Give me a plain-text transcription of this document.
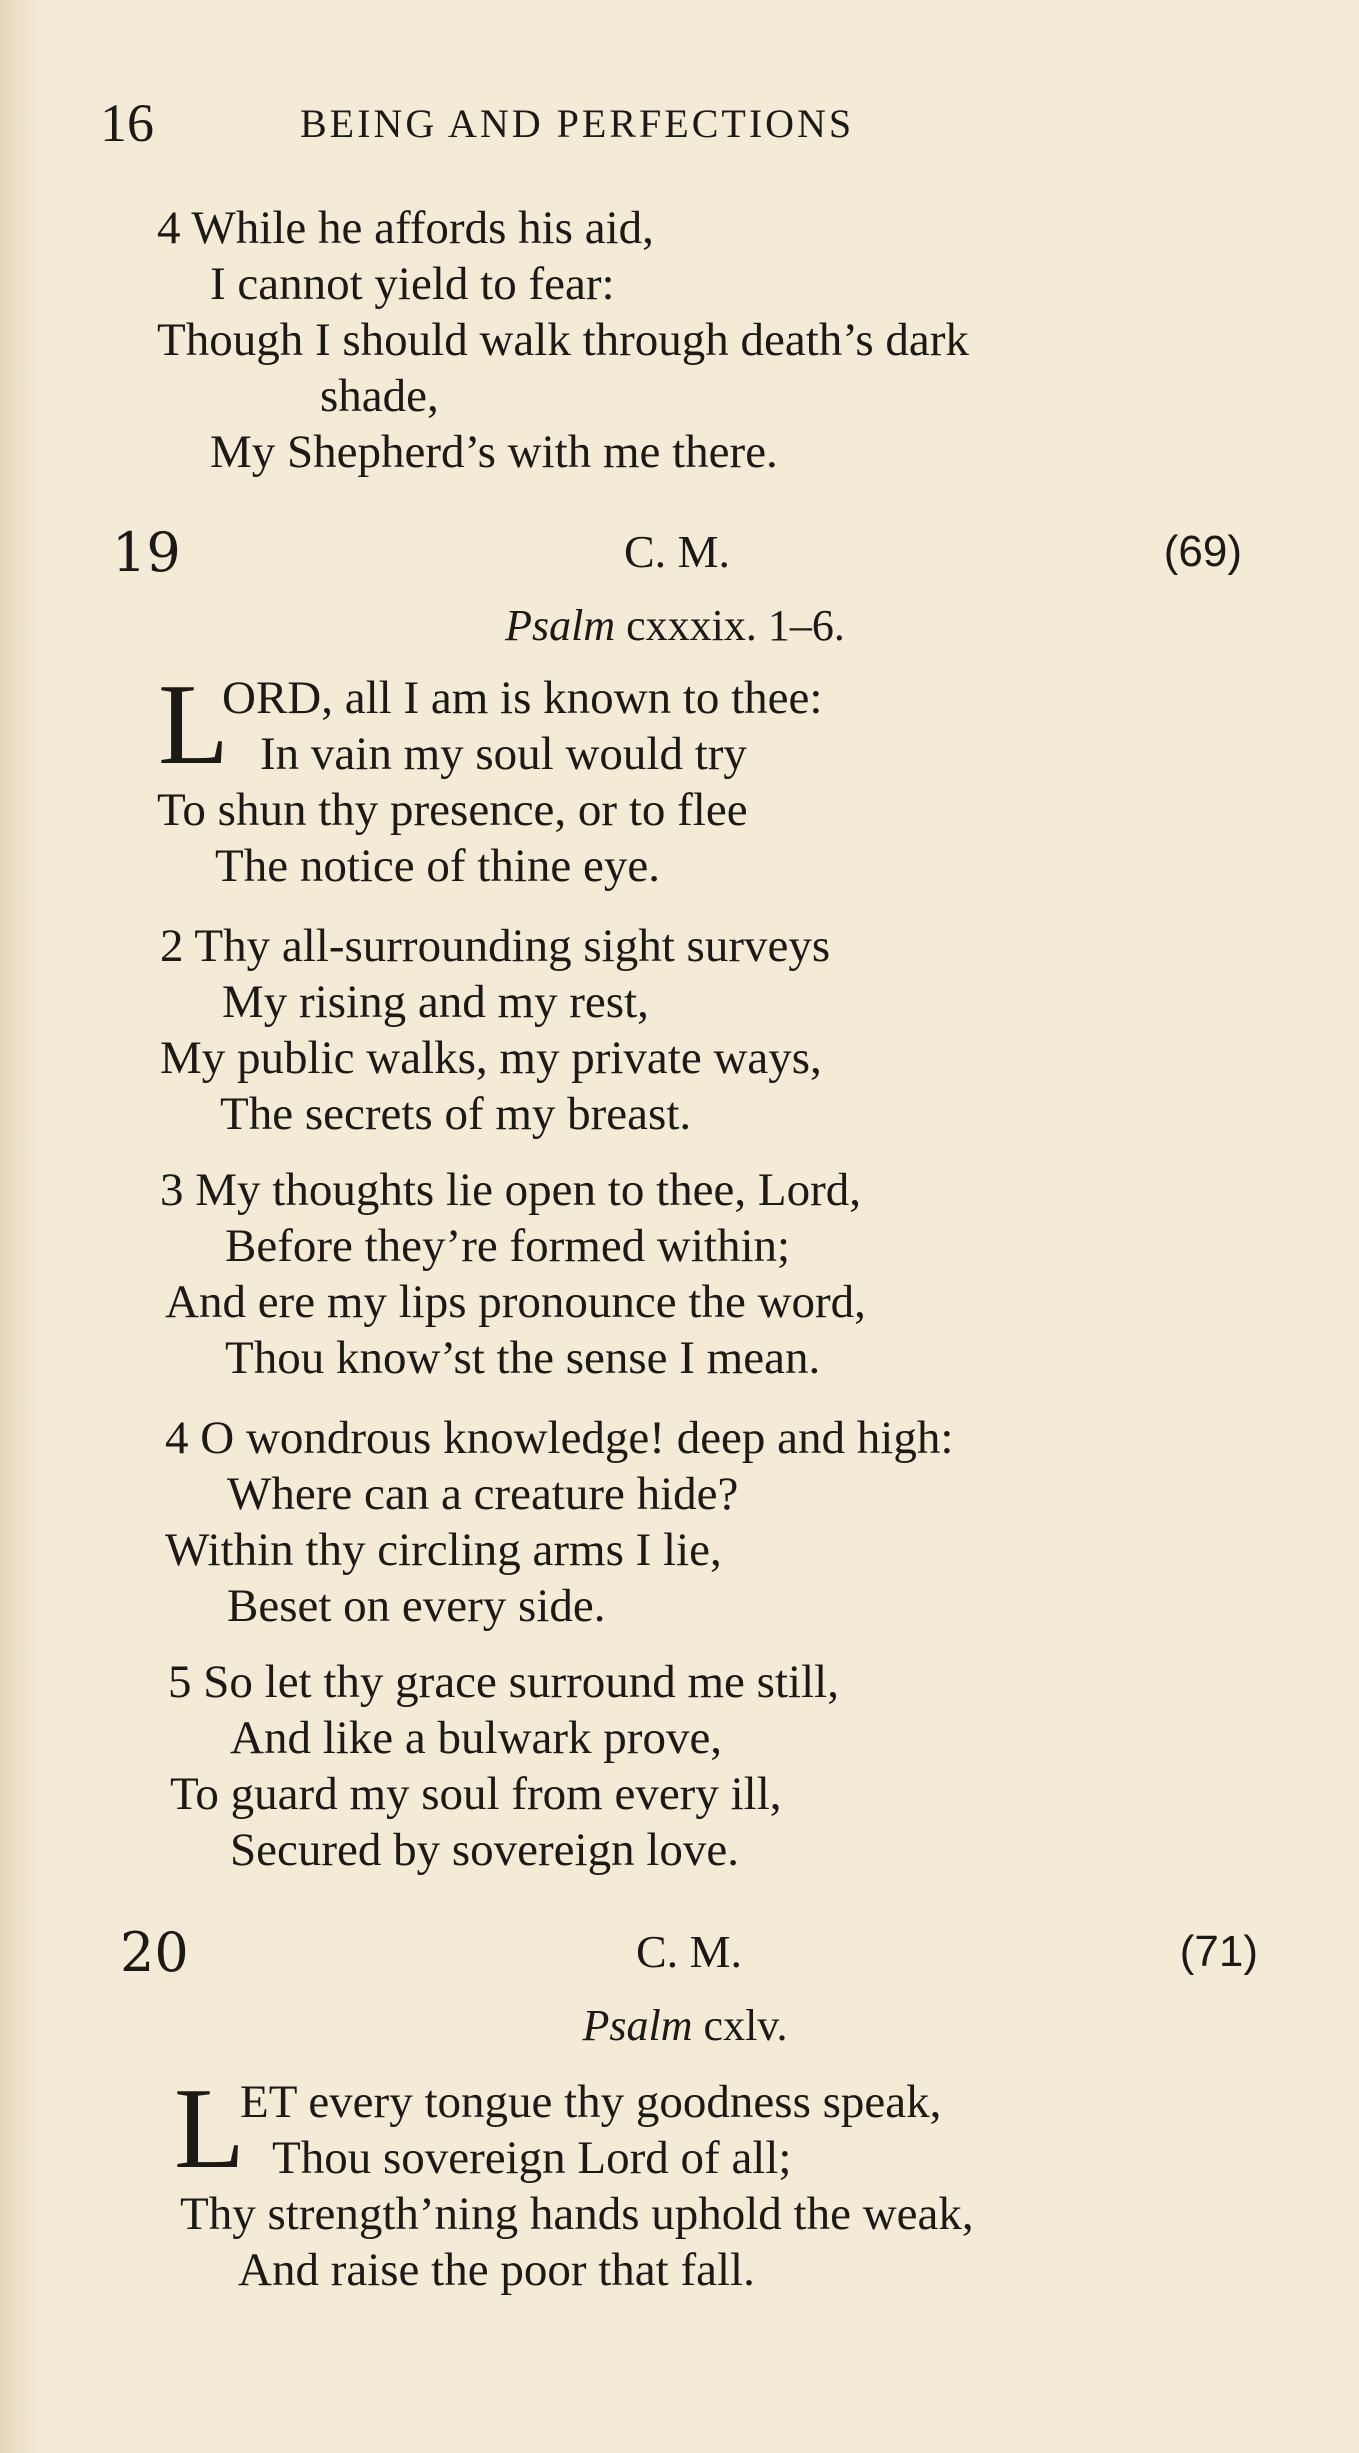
16	BEING AND PERFECTIONS
4 While he affords his aid,
I cannot yield to fear:
Though I should walk through death’s dark
shade,
My Shepherd’s with me there.
19	C. M.	(69)
Psalm cxxxix. 1–6.
L
ORD, all I am is known to thee:
In vain my soul would try
To shun thy presence, or to flee
The notice of thine eye.
2 Thy all-surrounding sight surveys
My rising and my rest,
My public walks, my private ways,
The secrets of my breast.
3 My thoughts lie open to thee, Lord,
Before they’re formed within;
And ere my lips pronounce the word,
Thou know’st the sense I mean.
4 O wondrous knowledge! deep and high:
Where can a creature hide?
Within thy circling arms I lie,
Beset on every side.
5 So let thy grace surround me still,
And like a bulwark prove,
To guard my soul from every ill,
Secured by sovereign love.
20	C. M.	(71)
Psalm cxlv.
L
ET every tongue thy goodness speak,
Thou sovereign Lord of all;
Thy strength’ning hands uphold the weak,
And raise the poor that fall.
